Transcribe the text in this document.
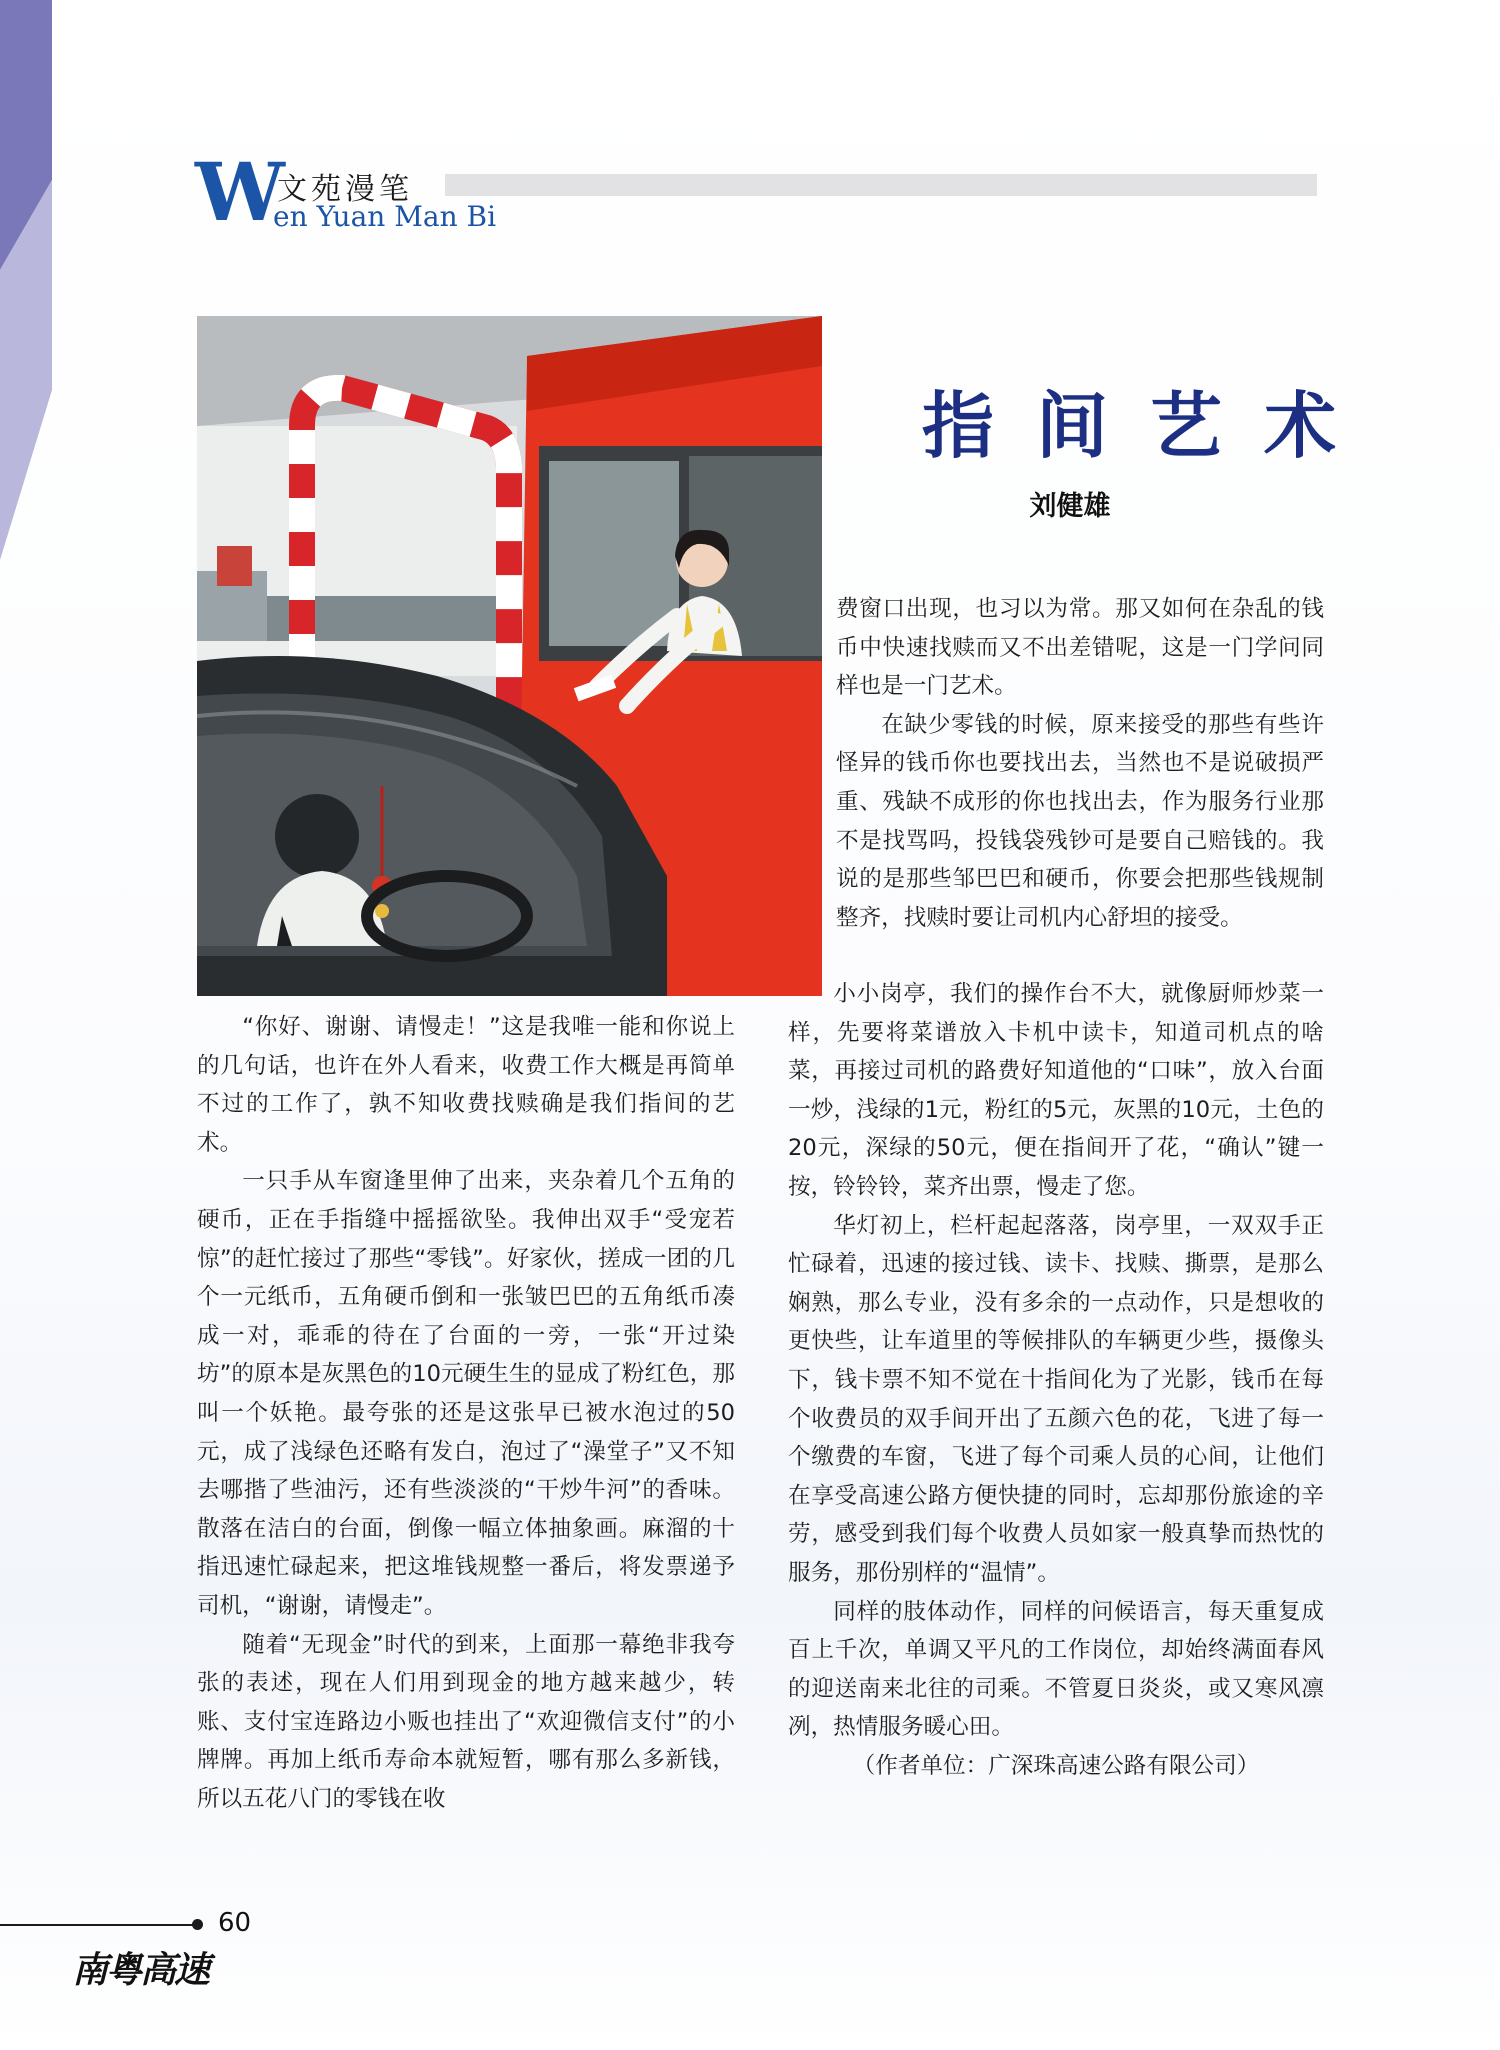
W
文苑漫笔
en Yuan Man Bi
指间艺术
刘健雄

“你好、谢谢、请慢走！”这是我唯一能和你说上的几句话，也许在外人看来，收费工作大概是再简单不过的工作了，孰不知收费找赎确是我们指间的艺术。

一只手从车窗逢里伸了出来，夹杂着几个五角的硬币，正在手指缝中摇摇欲坠。我伸出双手“受宠若惊”的赶忙接过了那些“零钱”。好家伙，搓成一团的几个一元纸币，五角硬币倒和一张皱巴巴的五角纸币凑成一对，乖乖的待在了台面的一旁，一张“开过染坊”的原本是灰黑色的10元硬生生的显成了粉红色，那叫一个妖艳。最夸张的还是这张早已被水泡过的50元，成了浅绿色还略有发白，泡过了“澡堂子”又不知去哪揩了些油污，还有些淡淡的“干炒牛河”的香味。散落在洁白的台面，倒像一幅立体抽象画。麻溜的十指迅速忙碌起来，把这堆钱规整一番后，将发票递予司机，“谢谢，请慢走”。

随着“无现金”时代的到来，上面那一幕绝非我夸张的表述，现在人们用到现金的地方越来越少，转账、支付宝连路边小贩也挂出了“欢迎微信支付”的小牌牌。再加上纸币寿命本就短暂，哪有那么多新钱，所以五花八门的零钱在收

费窗口出现，也习以为常。那又如何在杂乱的钱币中快速找赎而又不出差错呢，这是一门学问同样也是一门艺术。

在缺少零钱的时候，原来接受的那些有些许怪异的钱币你也要找出去，当然也不是说破损严重、残缺不成形的你也找出去，作为服务行业那不是找骂吗，投钱袋残钞可是要自己赔钱的。我说的是那些邹巴巴和硬币，你要会把那些钱规制整齐，找赎时要让司机内心舒坦的接受。

小小岗亭，我们的操作台不大，就像厨师炒菜一样，先要将菜谱放入卡机中读卡，知道司机点的啥菜，再接过司机的路费好知道他的“口味”，放入台面一炒，浅绿的1元，粉红的5元，灰黑的10元，土色的20元，深绿的50元，便在指间开了花，“确认”键一按，铃铃铃，菜齐出票，慢走了您。

华灯初上，栏杆起起落落，岗亭里，一双双手正忙碌着，迅速的接过钱、读卡、找赎、撕票，是那么娴熟，那么专业，没有多余的一点动作，只是想收的更快些，让车道里的等候排队的车辆更少些，摄像头下，钱卡票不知不觉在十指间化为了光影，钱币在每个收费员的双手间开出了五颜六色的花，飞进了每一个缴费的车窗，飞进了每个司乘人员的心间，让他们在享受高速公路方便快捷的同时，忘却那份旅途的辛劳，感受到我们每个收费人员如家一般真挚而热忱的服务，那份别样的“温情”。

同样的肢体动作，同样的问候语言，每天重复成百上千次，单调又平凡的工作岗位，却始终满面春风的迎送南来北往的司乘。不管夏日炎炎，或又寒风凛冽，热情服务暖心田。

（作者单位：广深珠高速公路有限公司）

60
南粤高速
